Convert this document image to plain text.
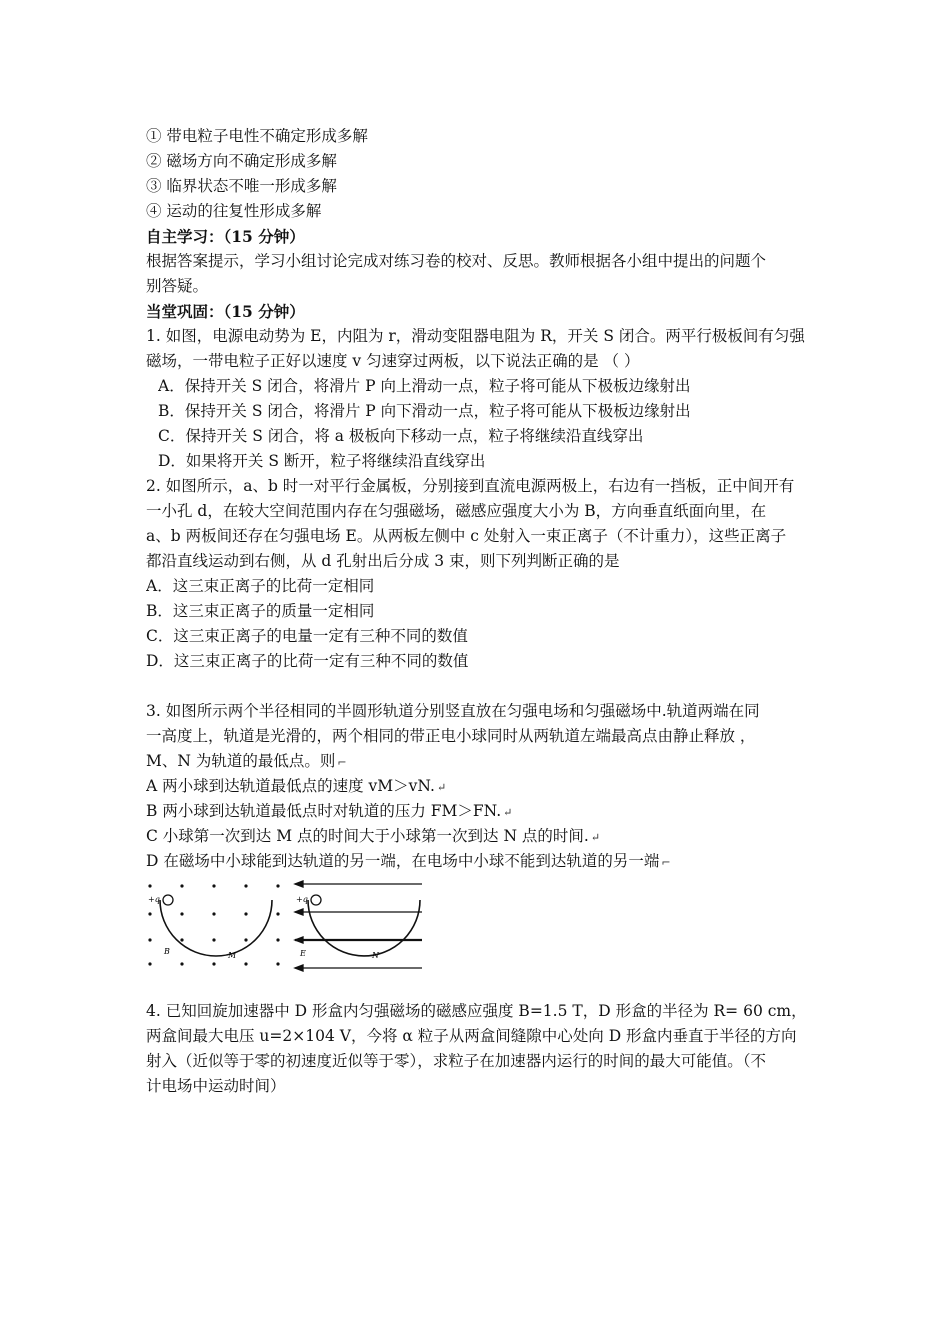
① 带电粒子电性不确定形成多解
② 磁场方向不确定形成多解
③ 临界状态不唯一形成多解
④ 运动的往复性形成多解
自主学习：（15 分钟）
根据答案提示，学习小组讨论完成对练习卷的校对、反思。教师根据各小组中提出的问题个
别答疑。
当堂巩固：（15 分钟）
1. 如图，电源电动势为 E，内阻为 r，滑动变阻器电阻为 R，开关 S 闭合。两平行极板间有匀强
磁场，一带电粒子正好以速度 v 匀速穿过两板，以下说法正确的是 （ ）
A．保持开关 S 闭合，将滑片 P 向上滑动一点，粒子将可能从下极板边缘射出
B．保持开关 S 闭合，将滑片 P 向下滑动一点，粒子将可能从下极板边缘射出
C．保持开关 S 闭合，将 a 极板向下移动一点，粒子将继续沿直线穿出
D．如果将开关 S 断开，粒子将继续沿直线穿出
2. 如图所示，a、b 时一对平行金属板，分别接到直流电源两极上，右边有一挡板，正中间开有
一小孔 d，在较大空间范围内存在匀强磁场，磁感应强度大小为 B，方向垂直纸面向里，在
a、b 两板间还存在匀强电场 E。从两板左侧中 c 处射入一束正离子（不计重力），这些正离子
都沿直线运动到右侧，从 d 孔射出后分成 3 束，则下列判断正确的是
A．这三束正离子的比荷一定相同
B．这三束正离子的质量一定相同
C．这三束正离子的电量一定有三种不同的数值
D．这三束正离子的比荷一定有三种不同的数值
3. 如图所示两个半径相同的半圆形轨道分别竖直放在匀强电场和匀强磁场中.轨道两端在同
一高度上，轨道是光滑的，两个相同的带正电小球同时从两轨道左端最高点由静止释放 ，
M、N 为轨道的最低点。则 ⌐
A 两小球到达轨道最低点的速度 vM＞vN. ↵
B 两小球到达轨道最低点时对轨道的压力 FM＞FN. ↵
C 小球第一次到达 M 点的时间大于小球第一次到达 N 点的时间. ↵
D 在磁场中小球能到达轨道的另一端，在电场中小球不能到达轨道的另一端 ⌐
+q
B	M
+q
E	N
4. 已知回旋加速器中 D 形盒内匀强磁场的磁感应强度 B=1.5 T，D 形盒的半径为 R= 60 cm，
两盒间最大电压 u=2×104 V，今将 α 粒子从两盒间缝隙中心处向 D 形盒内垂直于半径的方向
射入（近似等于零的初速度近似等于零），求粒子在加速器内运行的时间的最大可能值。（不
计电场中运动时间）
